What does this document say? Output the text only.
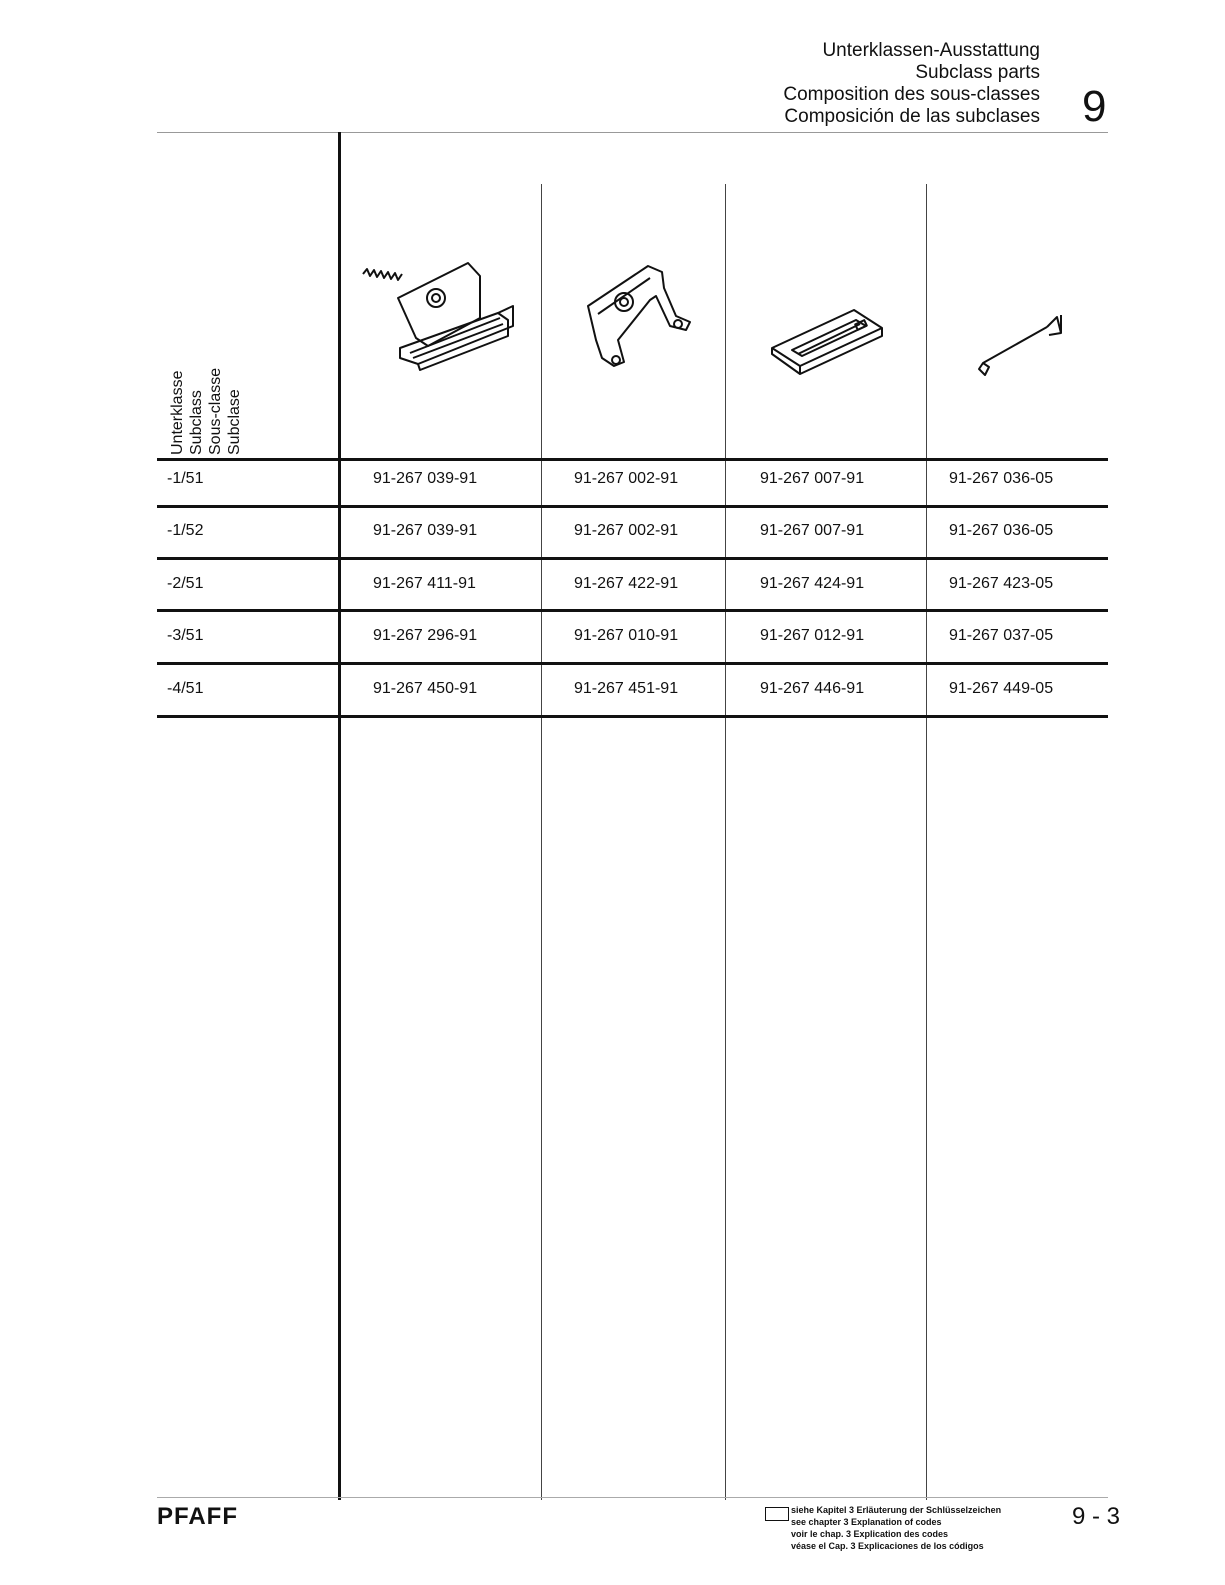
Unterklassen-Ausstattung
Subclass parts
Composition des sous-classes
Composición de las subclases 9
Unterklasse Subclass Sous-classe Subclase
-1/51	91-267 039-91	91-267 002-91	91-267 007-91	91-267 036-05
-1/52	91-267 039-91	91-267 002-91	91-267 007-91	91-267 036-05
-2/51	91-267 411-91	91-267 422-91	91-267 424-91	91-267 423-05
-3/51	91-267 296-91	91-267 010-91	91-267 012-91	91-267 037-05
-4/51	91-267 450-91	91-267 451-91	91-267 446-91	91-267 449-05
PFAFF	siehe Kapitel 3 Erläuterung der Schlüsselzeichen
see chapter 3 Explanation of codes
voir le chap. 3 Explication des codes
véase el Cap. 3 Explicaciones de los códigos
9 - 3
